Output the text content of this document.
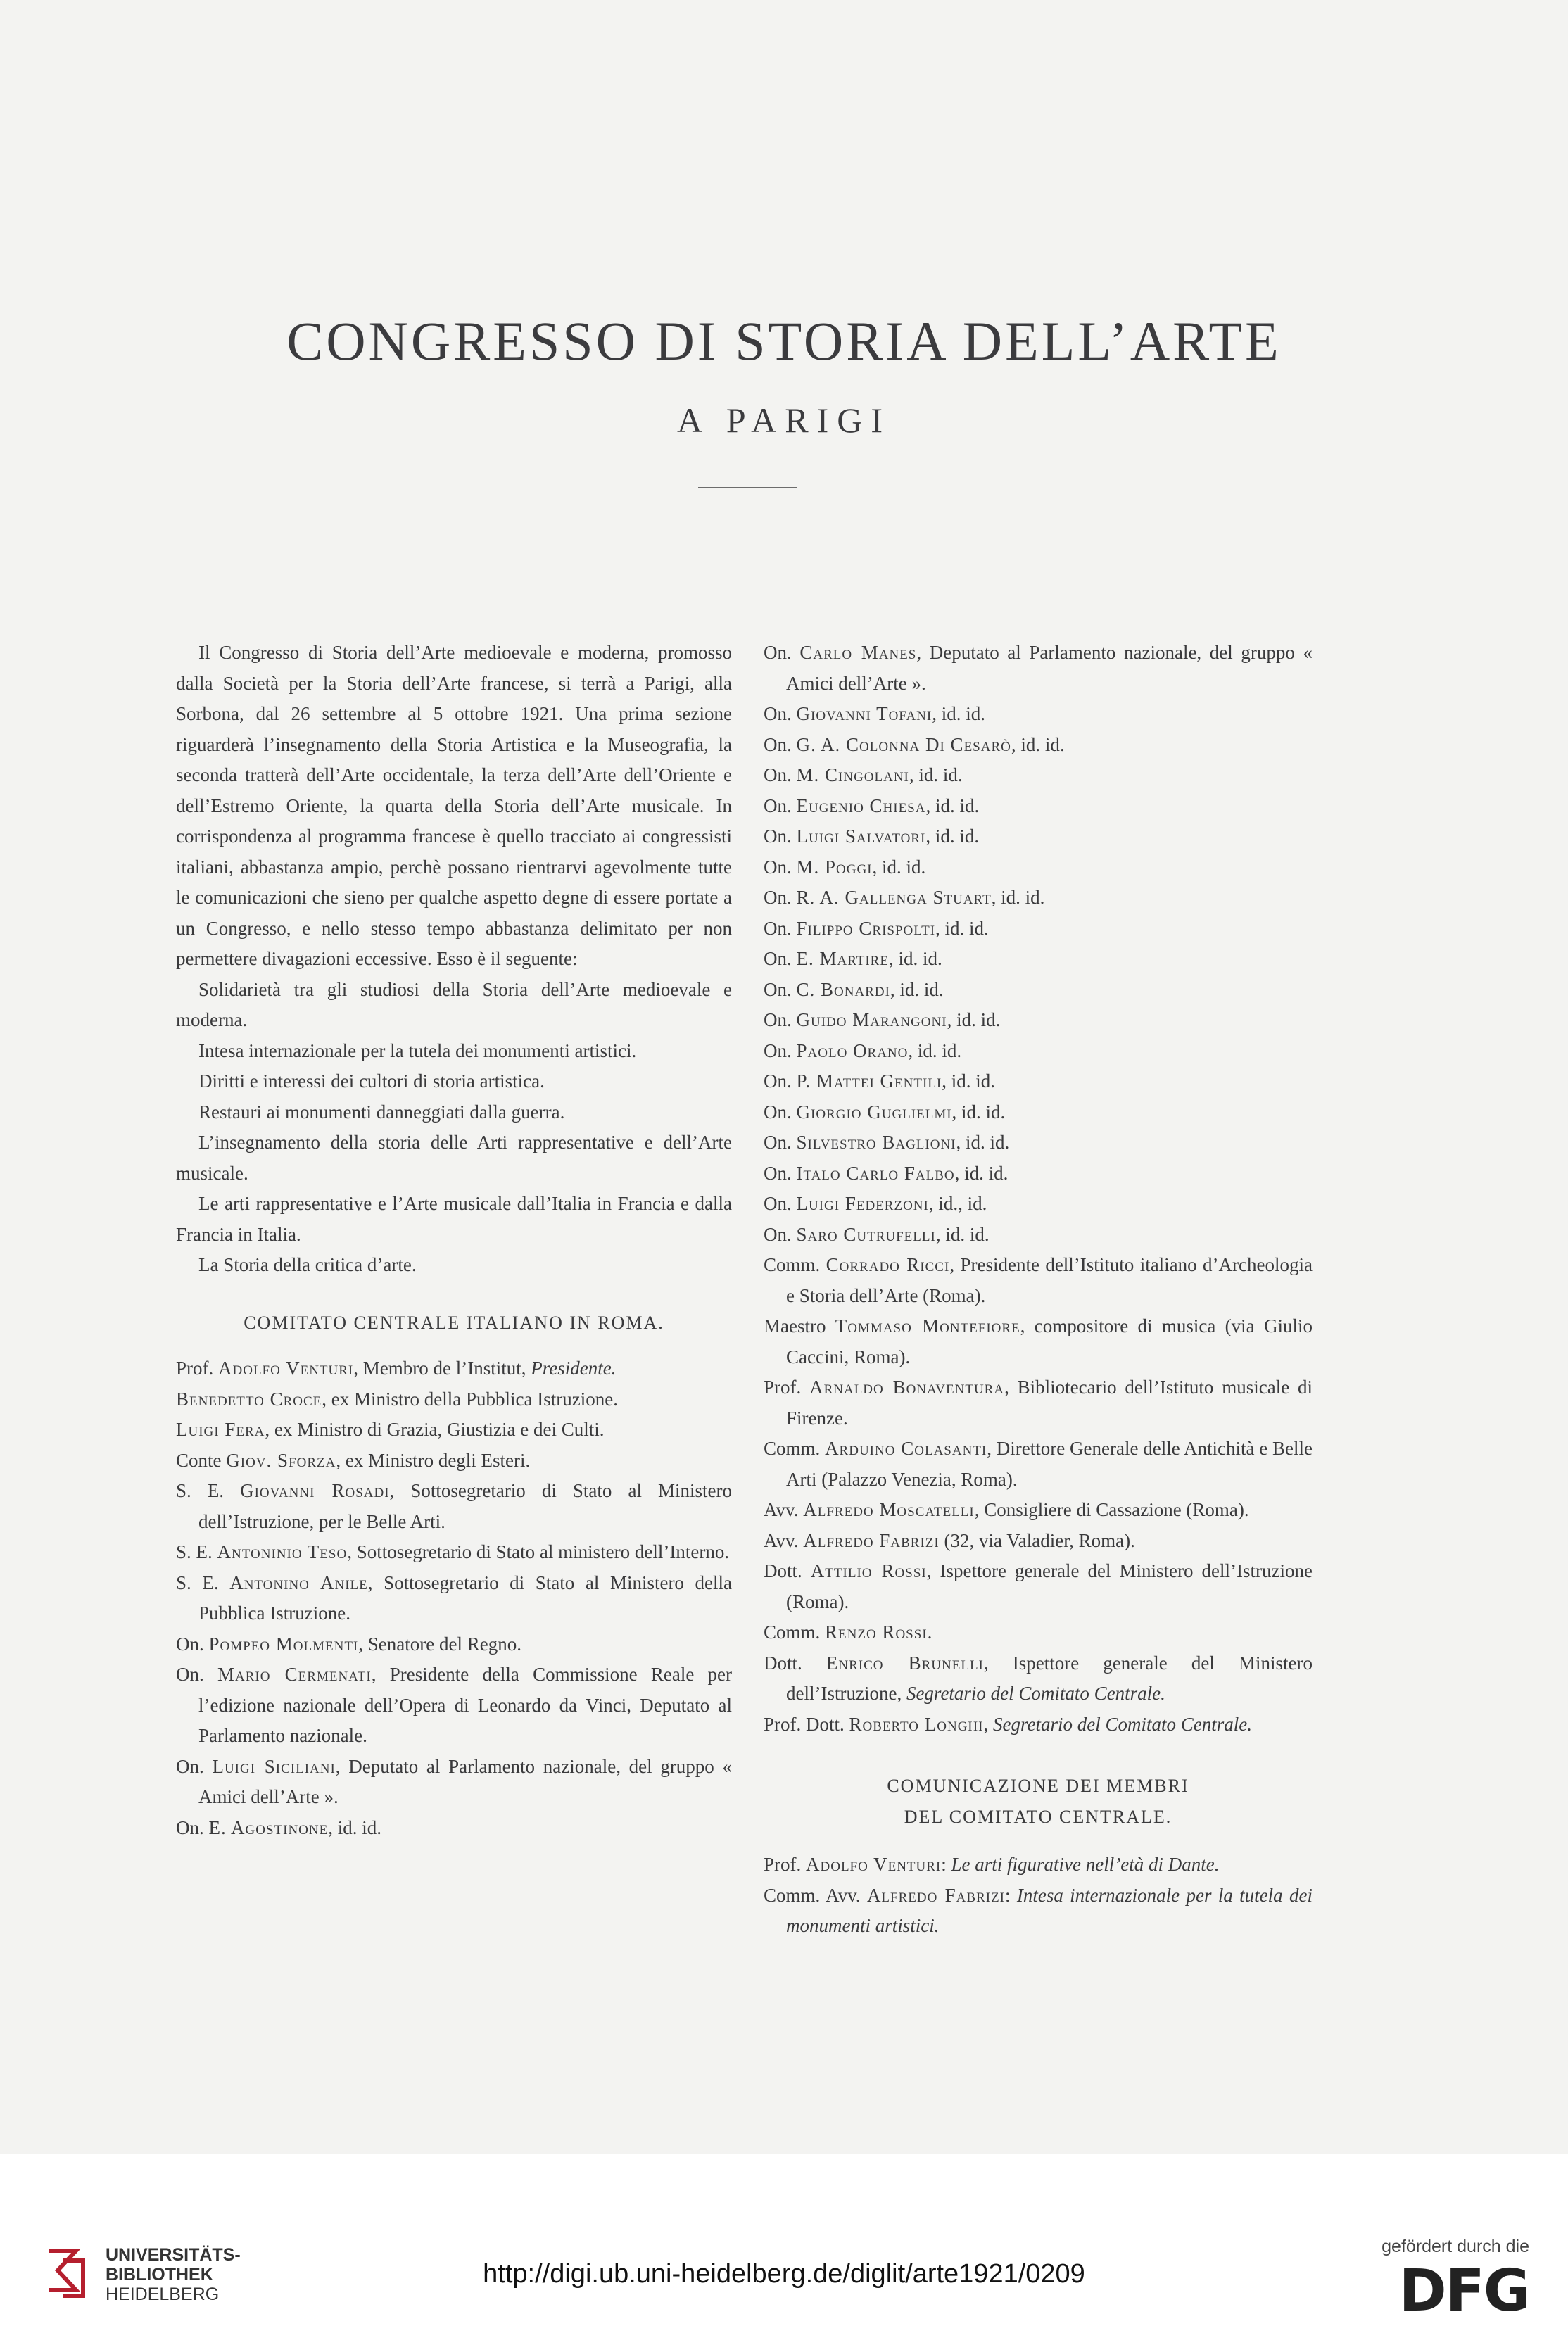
CONGRESSO DI STORIA DELL’ARTE
A PARIGI

Il Congresso di Storia dell’Arte medioevale e moderna, promosso dalla Società per la Storia dell’Arte francese, si terrà a Parigi, alla Sorbona, dal 26 settembre al 5 ottobre 1921. Una prima sezione riguarderà l’insegnamento della Storia Artistica e la Museografia, la seconda tratterà dell’Arte occidentale, la terza dell’Arte dell’Oriente e dell’Estremo Oriente, la quarta della Storia dell’Arte musicale. In corrispondenza al programma francese è quello tracciato ai congressisti italiani, abbastanza ampio, perchè possano rientrarvi agevolmente tutte le comunicazioni che sieno per qualche aspetto degne di essere portate a un Congresso, e nello stesso tempo abbastanza delimitato per non permettere divagazioni eccessive. Esso è il seguente:

Solidarietà tra gli studiosi della Storia dell’Arte medioevale e moderna.

Intesa internazionale per la tutela dei monumenti artistici.

Diritti e interessi dei cultori di storia artistica.

Restauri ai monumenti danneggiati dalla guerra.

L’insegnamento della storia delle Arti rappresentative e dell’Arte musicale.

Le arti rappresentative e l’Arte musicale dall’Italia in Francia e dalla Francia in Italia.

La Storia della critica d’arte.

COMITATO CENTRALE ITALIANO IN ROMA.

Prof. Adolfo Venturi, Membro de l’Institut, Presidente.

Benedetto Croce, ex Ministro della Pubblica Istruzione.

Luigi Fera, ex Ministro di Grazia, Giustizia e dei Culti.

Conte Giov. Sforza, ex Ministro degli Esteri.

S. E. Giovanni Rosadi, Sottosegretario di Stato al Ministero dell’Istruzione, per le Belle Arti.

S. E. Antoninio Teso, Sottosegretario di Stato al ministero dell’Interno.

S. E. Antonino Anile, Sottosegretario di Stato al Ministero della Pubblica Istruzione.

On. Pompeo Molmenti, Senatore del Regno.

On. Mario Cermenati, Presidente della Commissione Reale per l’edizione nazionale dell’Opera di Leonardo da Vinci, Deputato al Parlamento nazionale.

On. Luigi Siciliani, Deputato al Parlamento nazionale, del gruppo « Amici dell’Arte ».

On. E. Agostinone, id. id.

On. Carlo Manes, Deputato al Parlamento nazionale, del gruppo « Amici dell’Arte ».

On. Giovanni Tofani, id. id.

On. G. A. Colonna Di Cesarò, id. id.

On. M. Cingolani, id. id.

On. Eugenio Chiesa, id. id.

On. Luigi Salvatori, id. id.

On. M. Poggi, id. id.

On. R. A. Gallenga Stuart, id. id.

On. Filippo Crispolti, id. id.

On. E. Martire, id. id.

On. C. Bonardi, id. id.

On. Guido Marangoni, id. id.

On. Paolo Orano, id. id.

On. P. Mattei Gentili, id. id.

On. Giorgio Guglielmi, id. id.

On. Silvestro Baglioni, id. id.

On. Italo Carlo Falbo, id. id.

On. Luigi Federzoni, id., id.

On. Saro Cutrufelli, id. id.

Comm. Corrado Ricci, Presidente dell’Istituto italiano d’Archeologia e Storia dell’Arte (Roma).

Maestro Tommaso Montefiore, compositore di musica (via Giulio Caccini, Roma).

Prof. Arnaldo Bonaventura, Bibliotecario dell’Istituto musicale di Firenze.

Comm. Arduino Colasanti, Direttore Generale delle Antichità e Belle Arti (Palazzo Venezia, Roma).

Avv. Alfredo Moscatelli, Consigliere di Cassazione (Roma).

Avv. Alfredo Fabrizi (32, via Valadier, Roma).

Dott. Attilio Rossi, Ispettore generale del Ministero dell’Istruzione (Roma).

Comm. Renzo Rossi.

Dott. Enrico Brunelli, Ispettore generale del Ministero dell’Istruzione, Segretario del Comitato Centrale.

Prof. Dott. Roberto Longhi, Segretario del Comitato Centrale.

COMUNICAZIONE DEI MEMBRI
DEL COMITATO CENTRALE.

Prof. Adolfo Venturi: Le arti figurative nell’età di Dante.

Comm. Avv. Alfredo Fabrizi: Intesa internazionale per la tutela dei monumenti artistici.

UNIVERSITÄTS-
BIBLIOTHEK
HEIDELBERG
http://digi.ub.uni-heidelberg.de/diglit/arte1921/0209
gefördert durch die
DFG
